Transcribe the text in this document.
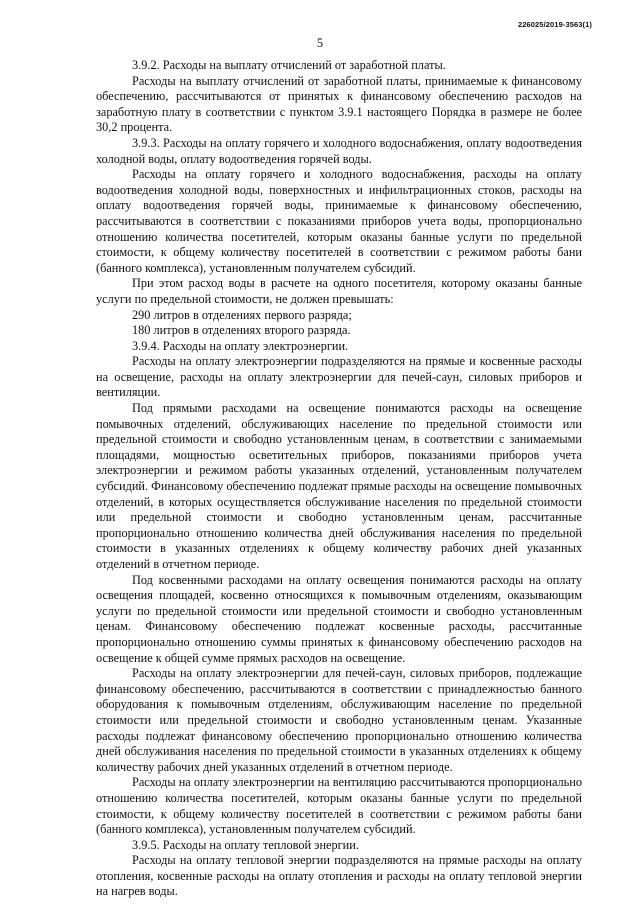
226025/2019-3563(1)
5

3.9.2. Расходы на выплату отчислений от заработной платы.

Расходы на выплату отчислений от заработной платы, принимаемые к финансовому обеспечению, рассчитываются от принятых к финансовому обеспечению расходов на заработную плату в соответствии с пунктом 3.9.1 настоящего Порядка в размере не более 30,2 процента.

3.9.3. Расходы на оплату горячего и холодного водоснабжения, оплату водоотведения холодной воды, оплату водоотведения горячей воды.

Расходы на оплату горячего и холодного водоснабжения, расходы на оплату водоотведения холодной воды, поверхностных и инфильтрационных стоков, расходы на оплату водоотведения горячей воды, принимаемые к финансовому обеспечению, рассчитываются в соответствии с показаниями приборов учета воды, пропорционально отношению количества посетителей, которым оказаны банные услуги по предельной стоимости, к общему количеству посетителей в соответствии с режимом работы бани (банного комплекса), установленным получателем субсидий.

При этом расход воды в расчете на одного посетителя, которому оказаны банные услуги по предельной стоимости, не должен превышать:

290 литров в отделениях первого разряда;

180 литров в отделениях второго разряда.

3.9.4. Расходы на оплату электроэнергии.

Расходы на оплату электроэнергии подразделяются на прямые и косвенные расходы на освещение, расходы на оплату электроэнергии для печей-саун, силовых приборов и вентиляции.

Под прямыми расходами на освещение понимаются расходы на освещение помывочных отделений, обслуживающих население по предельной стоимости или предельной стоимости и свободно установленным ценам, в соответствии с занимаемыми площадями, мощностью осветительных приборов, показаниями приборов учета электроэнергии и режимом работы указанных отделений, установленным получателем субсидий. Финансовому обеспечению подлежат прямые расходы на освещение помывочных отделений, в которых осуществляется обслуживание населения по предельной стоимости или предельной стоимости и свободно установленным ценам, рассчитанные пропорционально отношению количества дней обслуживания населения по предельной стоимости в указанных отделениях к общему количеству рабочих дней указанных отделений в отчетном периоде.

Под косвенными расходами на оплату освещения понимаются расходы на оплату освещения площадей, косвенно относящихся к помывочным отделениям, оказывающим услуги по предельной стоимости или предельной стоимости и свободно установленным ценам. Финансовому обеспечению подлежат косвенные расходы, рассчитанные пропорционально отношению суммы принятых к финансовому обеспечению расходов на освещение к общей сумме прямых расходов на освещение.

Расходы на оплату электроэнергии для печей-саун, силовых приборов, подлежащие финансовому обеспечению, рассчитываются в соответствии с принадлежностью банного оборудования к помывочным отделениям, обслуживающим население по предельной стоимости или предельной стоимости и свободно установленным ценам. Указанные расходы подлежат финансовому обеспечению пропорционально отношению количества дней обслуживания населения по предельной стоимости в указанных отделениях к общему количеству рабочих дней указанных отделений в отчетном периоде.

Расходы на оплату электроэнергии на вентиляцию рассчитываются пропорционально отношению количества посетителей, которым оказаны банные услуги по предельной стоимости, к общему количеству посетителей в соответствии с режимом работы бани (банного комплекса), установленным получателем субсидий.

3.9.5. Расходы на оплату тепловой энергии.

Расходы на оплату тепловой энергии подразделяются на прямые расходы на оплату отопления, косвенные расходы на оплату отопления и расходы на оплату тепловой энергии на нагрев воды.
